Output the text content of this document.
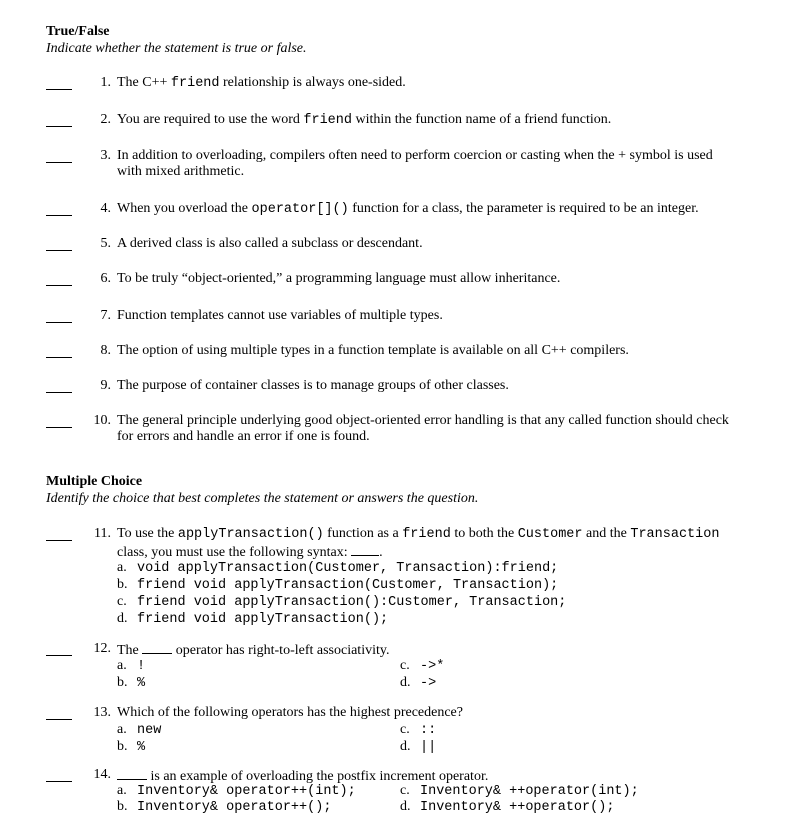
True/False
Indicate whether the statement is true or false.
1. The C++ friend relationship is always one-sided.
2. You are required to use the word friend within the function name of a friend function.
3. In addition to overloading, compilers often need to perform coercion or casting when the + symbol is used
with mixed arithmetic.
4. When you overload the operator[]() function for a class, the parameter is required to be an integer.
5. A derived class is also called a subclass or descendant.
6. To be truly “object-oriented,” a programming language must allow inheritance.
7. Function templates cannot use variables of multiple types.
8. The option of using multiple types in a function template is available on all C++ compilers.
9. The purpose of container classes is to manage groups of other classes.
10. The general principle underlying good object-oriented error handling is that any called function should check
for errors and handle an error if one is found.
Multiple Choice
Identify the choice that best completes the statement or answers the question.
11. To use the applyTransaction() function as a friend to both the Customer and the Transaction
class, you must use the following syntax: .
a. void applyTransaction(Customer, Transaction):friend;
b. friend void applyTransaction(Customer, Transaction);
c. friend void applyTransaction():Customer, Transaction;
d. friend void applyTransaction();
12. The  operator has right-to-left associativity.
a. !
b. %
c. ->*
d. ->
13. Which of the following operators has the highest precedence?
a. new
b. %
c. ::
d. ||
14.	is an example of overloading the postfix increment operator.
a. Inventory& operator++(int);
b. Inventory& operator++();
c. Inventory& ++operator(int);
d. Inventory& ++operator();
